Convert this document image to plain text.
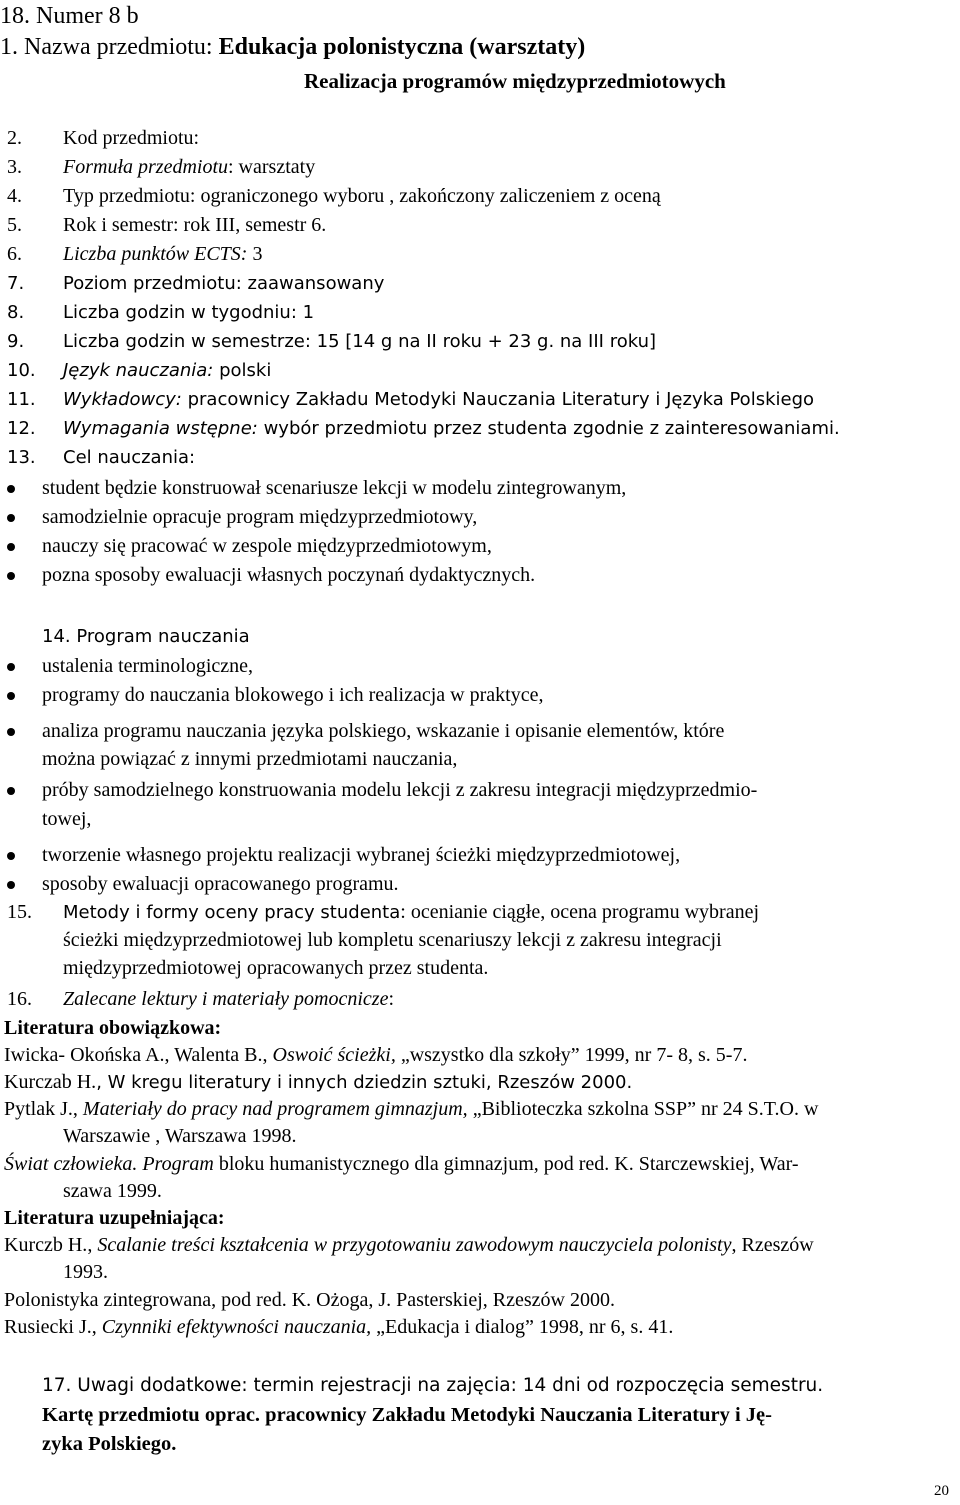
18. Numer 8 b
1. Nazwa przedmiotu: Edukacja polonistyczna (warsztaty)
Realizacja programów międzyprzedmiotowych
2. Kod przedmiotu:
3. Formuła przedmiotu: warsztaty
4. Typ przedmiotu: ograniczonego wyboru , zakończony zaliczeniem z oceną
5. Rok i semestr: rok III, semestr 6.
6. Liczba punktów ECTS: 3
7. Poziom przedmiotu: zaawansowany
8. Liczba godzin w tygodniu: 1
9. Liczba godzin w semestrze: 15 [14 g na II roku + 23 g. na III roku]
10. Język nauczania: polski
11. Wykładowcy: pracownicy Zakładu Metodyki Nauczania Literatury i Języka Polskiego
12. Wymagania wstępne: wybór przedmiotu przez studenta zgodnie z zainteresowaniami.
13. Cel nauczania:
student będzie konstruował scenariusze lekcji w modelu zintegrowanym,
samodzielnie opracuje program międzyprzedmiotowy,
nauczy się pracować w zespole międzyprzedmiotowym,
pozna sposoby ewaluacji własnych poczynań dydaktycznych.
14. Program nauczania
ustalenia terminologiczne,
programy do nauczania blokowego i ich realizacja w praktyce,
analiza programu nauczania języka polskiego, wskazanie i opisanie elementów, które
można powiązać z innymi przedmiotami nauczania,
próby samodzielnego konstruowania modelu lekcji z zakresu integracji międzyprzedmio-
towej,
tworzenie własnego projektu realizacji wybranej ścieżki międzyprzedmiotowej,
sposoby ewaluacji opracowanego programu.
15. Metody i formy oceny pracy studenta: ocenianie ciągłe, ocena programu wybranej
ścieżki międzyprzedmiotowej lub kompletu scenariuszy lekcji z zakresu integracji
międzyprzedmiotowej opracowanych przez studenta.
16. Zalecane lektury i materiały pomocnicze:
Literatura obowiązkowa:
Iwicka- Okońska A., Walenta B., Oswoić ścieżki, „wszystko dla szkoły” 1999, nr 7- 8, s. 5-7.
Kurczab H., W kregu literatury i innych dziedzin sztuki, Rzeszów 2000.
Pytlak J., Materiały do pracy nad programem gimnazjum, „Biblioteczka szkolna SSP” nr 24 S.T.O. w
Warszawie , Warszawa 1998.
Świat człowieka. Program bloku humanistycznego dla gimnazjum, pod red. K. Starczewskiej, War-
szawa 1999.
Literatura uzupełniająca:
Kurczb H., Scalanie treści kształcenia w przygotowaniu zawodowym nauczyciela polonisty, Rzeszów
1993.
Polonistyka zintegrowana, pod red. K. Ożoga, J. Pasterskiej, Rzeszów 2000.
Rusiecki J., Czynniki efektywności nauczania, „Edukacja i dialog” 1998, nr 6, s. 41.
17. Uwagi dodatkowe: termin rejestracji na zajęcia: 14 dni od rozpoczęcia semestru.
Kartę przedmiotu oprac. pracownicy Zakładu Metodyki Nauczania Literatury i Ję-
zyka Polskiego.
20
